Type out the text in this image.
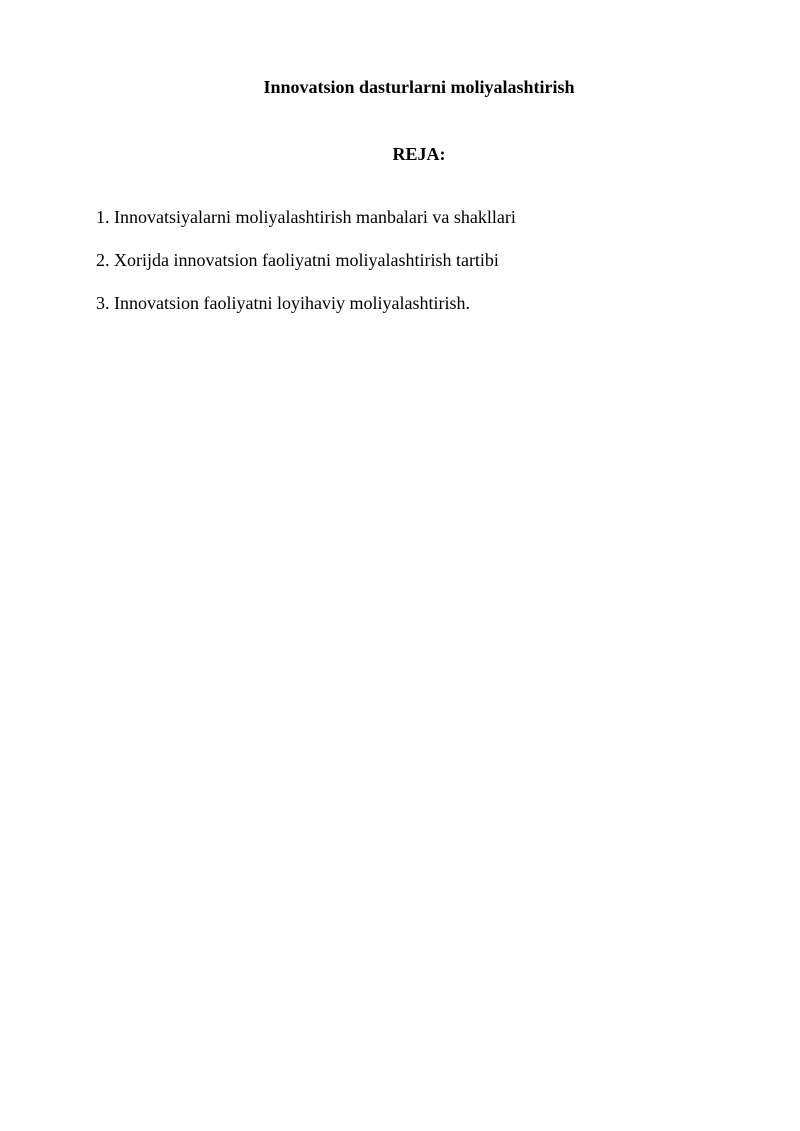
Innovatsion dasturlarni moliyalashtirish
REJA:
1. Innovatsiyalarni moliyalashtirish manbalari va shakllari
2. Xorijda innovatsion faoliyatni moliyalashtirish tartibi
3. Innovatsion faoliyatni loyihaviy moliyalashtirish.
